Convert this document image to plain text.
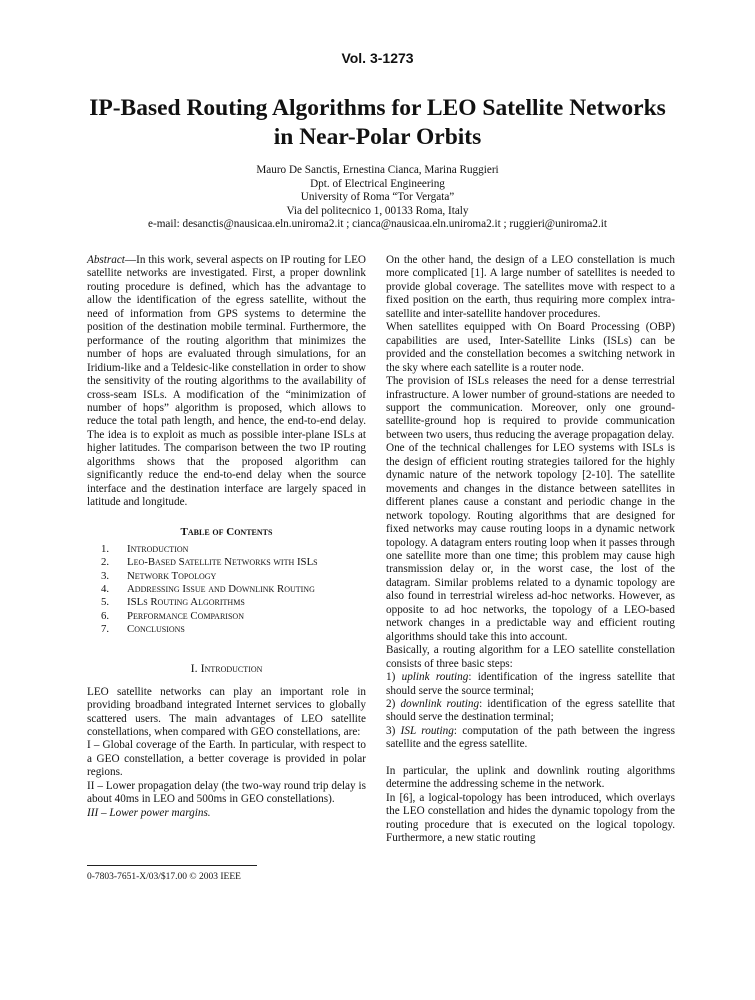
Vol. 3-1273
IP-Based Routing Algorithms for LEO Satellite Networks
in Near-Polar Orbits
Mauro De Sanctis, Ernestina Cianca, Marina Ruggieri
Dpt. of Electrical Engineering
University of Roma “Tor Vergata”
Via del politecnico 1, 00133 Roma, Italy
e-mail: desanctis@nausicaa.eln.uniroma2.it ; cianca@nausicaa.eln.uniroma2.it ; ruggieri@uniroma2.it

Abstract—In this work, several aspects on IP routing for LEO satellite networks are investigated. First, a proper downlink routing procedure is defined, which has the advantage to allow the identification of the egress satellite, without the need of information from GPS systems to determine the position of the destination mobile terminal. Furthermore, the performance of the routing algorithm that minimizes the number of hops are evaluated through simulations, for an Iridium-like and a Teldesic-like constellation in order to show the sensitivity of the routing algorithms to the availability of cross-seam ISLs. A modification of the “minimization of number of hops” algorithm is proposed, which allows to reduce the total path length, and hence, the end-to-end delay. The idea is to exploit as much as possible inter-plane ISLs at higher latitudes. The comparison between the two IP routing algorithms shows that the proposed algorithm can significantly reduce the end-to-end delay when the source interface and the destination interface are largely spaced in latitude and longitude.

Table of Contents
1.	Introduction
2.	Leo-Based Satellite Networks with ISLs
3.	Network Topology
4.	Addressing Issue and Downlink Routing
5.	ISLs Routing Algorithms
6.	Performance Comparison
7.	Conclusions
I. Introduction

LEO satellite networks can play an important role in providing broadband integrated Internet services to globally scattered users. The main advantages of LEO satellite constellations, when compared with GEO constellations, are:

I – Global coverage of the Earth. In particular, with respect to a GEO constellation, a better coverage is provided in polar regions.

II – Lower propagation delay (the two-way round trip delay is about 40ms in LEO and 500ms in GEO constellations).

III – Lower power margins.

0-7803-7651-X/03/$17.00 © 2003 IEEE

On the other hand, the design of a LEO constellation is much more complicated [1]. A large number of satellites is needed to provide global coverage. The satellites move with respect to a fixed position on the earth, thus requiring more complex intra-satellite and inter-satellite handover procedures.

When satellites equipped with On Board Processing (OBP) capabilities are used, Inter-Satellite Links (ISLs) can be provided and the constellation becomes a switching network in the sky where each satellite is a router node.

The provision of ISLs releases the need for a dense terrestrial infrastructure. A lower number of ground-stations are needed to support the communication. Moreover, only one ground-satellite-ground hop is required to provide communication between two users, thus reducing the average propagation delay.

One of the technical challenges for LEO systems with ISLs is the design of efficient routing strategies tailored for the highly dynamic nature of the network topology [2-10]. The satellite movements and changes in the distance between satellites in different planes cause a constant and periodic change in the network topology. Routing algorithms that are designed for fixed networks may cause routing loops in a dynamic network topology. A datagram enters routing loop when it passes through one satellite more than one time; this problem may cause high transmission delay or, in the worst case, the lost of the datagram. Similar problems related to a dynamic topology are also found in terrestrial wireless ad-hoc networks. However, as opposite to ad hoc networks, the topology of a LEO-based network changes in a predictable way and efficient routing algorithms should take this into account.

Basically, a routing algorithm for a LEO satellite constellation consists of three basic steps:

1) uplink routing: identification of the ingress satellite that should serve the source terminal;

2) downlink routing: identification of the egress satellite that should serve the destination terminal;

3) ISL routing: computation of the path between the ingress satellite and the egress satellite.

In particular, the uplink and downlink routing algorithms determine the addressing scheme in the network.

In [6], a logical-topology has been introduced, which overlays the LEO constellation and hides the dynamic topology from the routing procedure that is executed on the logical topology. Furthermore, a new static routing
